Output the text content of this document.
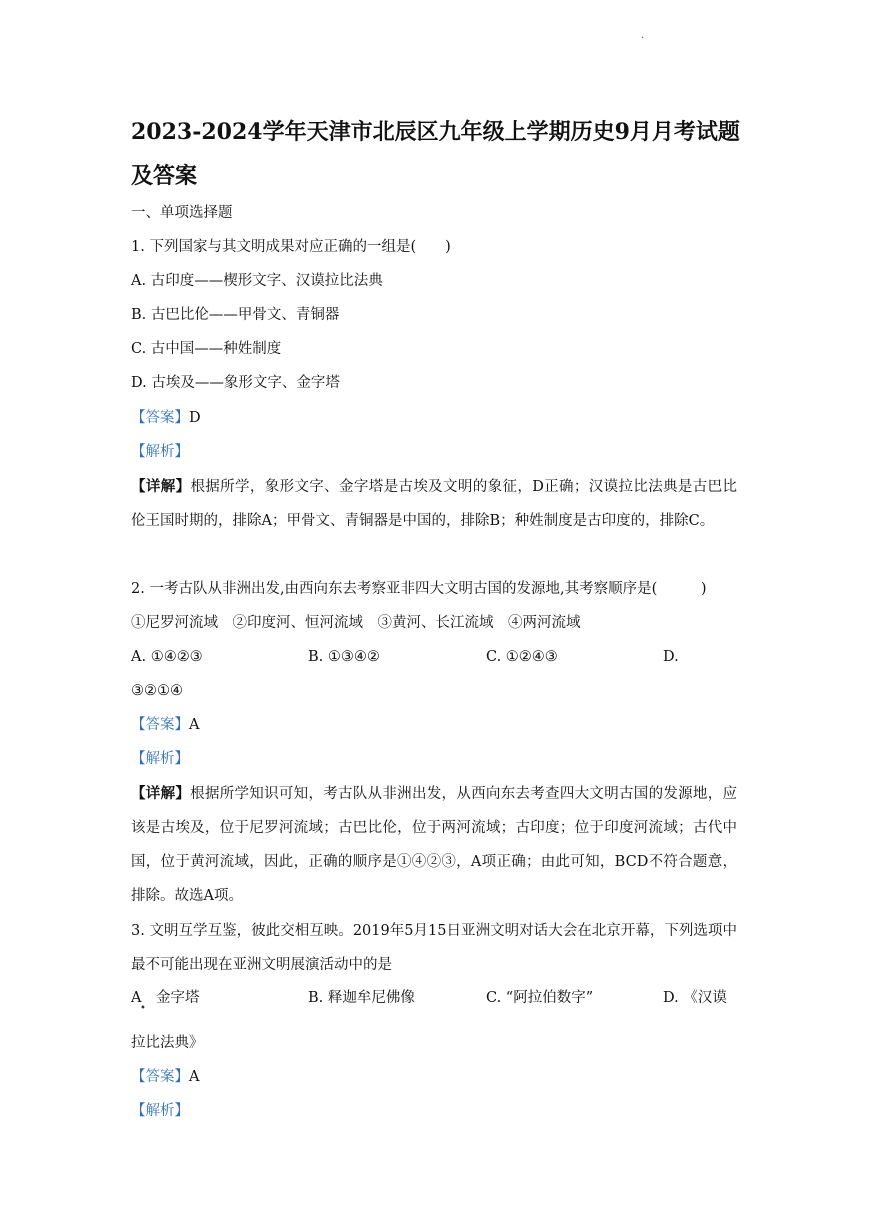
.
2023-2024学年天津市北辰区九年级上学期历史9月月考试题及答案
一、单项选择题
1. 下列国家与其文明成果对应正确的一组是(　　)
A. 古印度——楔形文字、汉谟拉比法典
B. 古巴比伦——甲骨文、青铜器
C. 古中国——种姓制度
D. 古埃及——象形文字、金字塔
【答案】D
【解析】
【详解】根据所学，象形文字、金字塔是古埃及文明的象征，D正确；汉谟拉比法典是古巴比伦王国时期的，排除A；甲骨文、青铜器是中国的，排除B；种姓制度是古印度的，排除C。
2. 一考古队从非洲出发,由西向东去考察亚非四大文明古国的发源地,其考察顺序是(　　　)
①尼罗河流域　②印度河、恒河流域　③黄河、长江流域　④两河流域
A. ①④②③	B. ①③④②	C. ①②④③	D.
③②①④
【答案】A
【解析】
【详解】根据所学知识可知，考古队从非洲出发，从西向东去考查四大文明古国的发源地，应该是古埃及，位于尼罗河流域；古巴比伦，位于两河流域；古印度；位于印度河流域；古代中国，位于黄河流域，因此，正确的顺序是①④②③，A项正确；由此可知，BCD不符合题意，排除。故选A项。
3. 文明互学互鉴，彼此交相互映。2019年5月15日亚洲文明对话大会在北京开幕，下列选项中最不可能出现在亚洲文明展演活动中的是
A　金字塔
•
B. 释迦牟尼佛像	C. “阿拉伯数字”	D. 《汉谟
拉比法典》
【答案】A
【解析】
